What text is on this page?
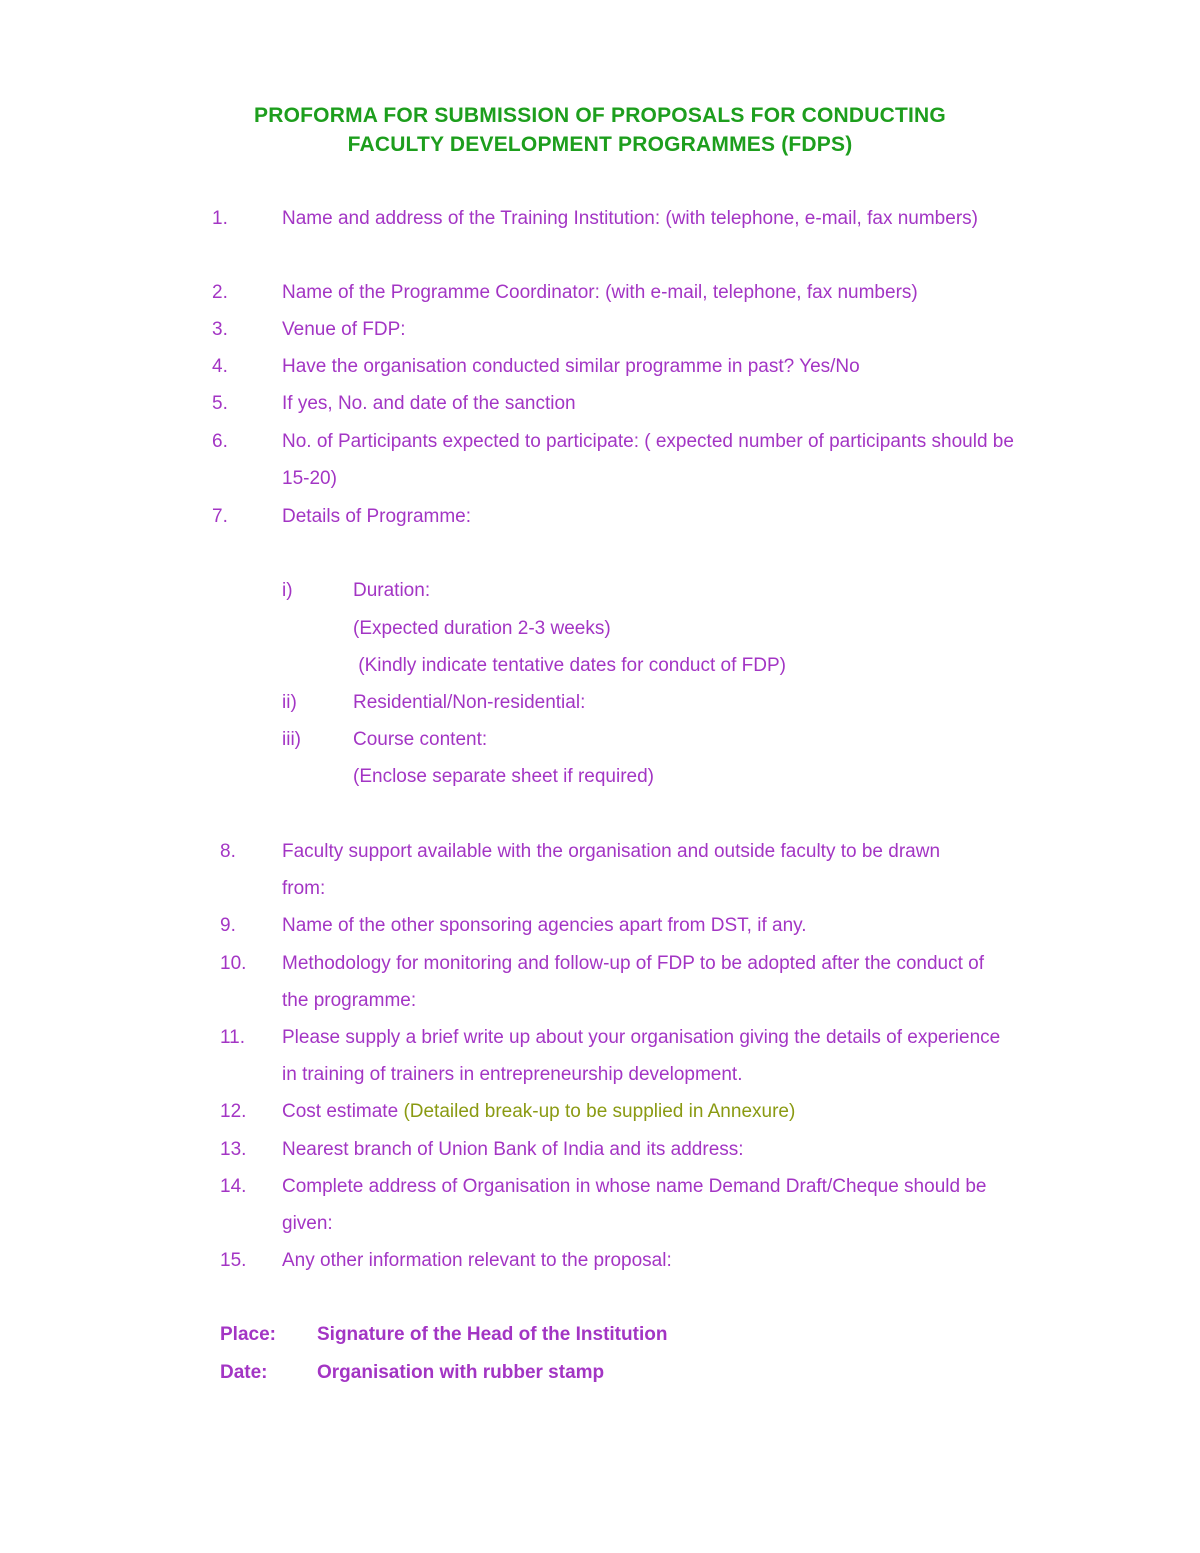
PROFORMA FOR SUBMISSION OF PROPOSALS FOR CONDUCTING
FACULTY DEVELOPMENT PROGRAMMES (FDPS)
1.	Name and address of the Training Institution: (with telephone, e-mail, fax numbers)
2.	Name of the Programme Coordinator: (with e-mail, telephone, fax numbers)
3.	Venue of FDP:
4.	Have the organisation conducted similar programme in past? Yes/No
5.	If yes, No. and date of the sanction
6.	No. of Participants expected to participate: ( expected number of participants should be 15-20)
7.	Details of Programme:
i)	Duration:
(Expected duration 2-3 weeks)
(Kindly indicate tentative dates for conduct of FDP)
ii)	Residential/Non-residential:
iii)	Course content:
(Enclose separate sheet if required)
8. Faculty support available with the organisation and outside faculty to be drawn from:
9. Name of the other sponsoring agencies apart from DST, if any.
10. Methodology for monitoring and follow-up of FDP to be adopted after the conduct of the programme:
11. Please supply a brief write up about your organisation giving the details of experience in training of trainers in entrepreneurship development.
12. Cost estimate (Detailed break-up to be supplied in Annexure)
13. Nearest branch of Union Bank of India and its address:
14. Complete address of Organisation in whose name Demand Draft/Cheque should be given:
15. Any other information relevant to the proposal:
Place: Signature of the Head of the Institution
Date:	Organisation with rubber stamp
